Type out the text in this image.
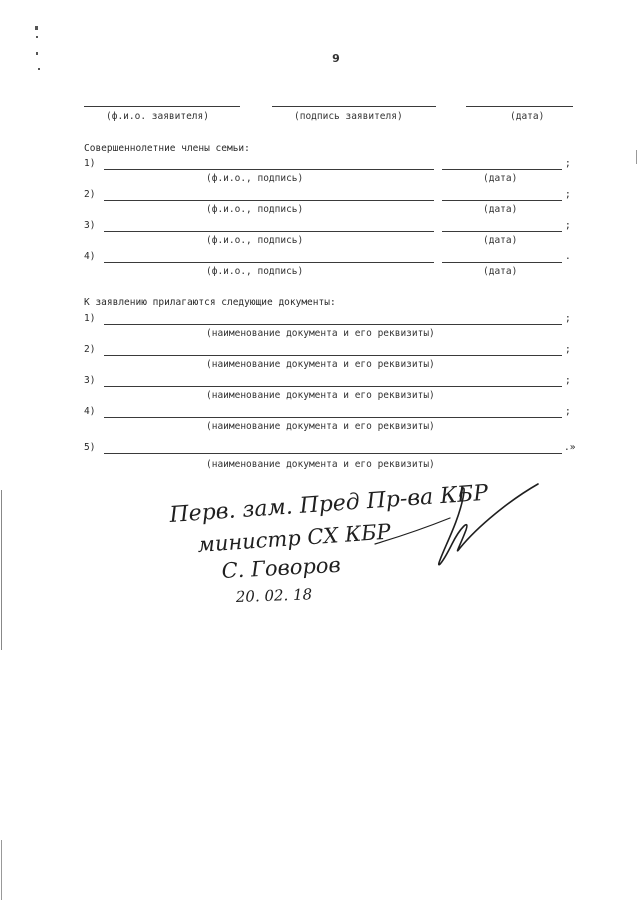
9
(ф.и.о. заявителя)	(подпись заявителя)	(дата)
Совершеннолетние члены семьи:
1)	;
(ф.и.о., подпись)	(дата)
2)	;
(ф.и.о., подпись)	(дата)
3)	;
(ф.и.о., подпись)	(дата)
4)	.
(ф.и.о., подпись)	(дата)
К заявлению прилагаются следующие документы:
1)	;
(наименование документа и его реквизиты)
2)	;
(наименование документа и его реквизиты)
3)	;
(наименование документа и его реквизиты)
4)	;
(наименование документа и его реквизиты)
5)	.»
(наименование документа и его реквизиты)
Перв. зам. Пред Пр-ва КБР
министр СХ КБР
С. Говоров
20. 02. 18
